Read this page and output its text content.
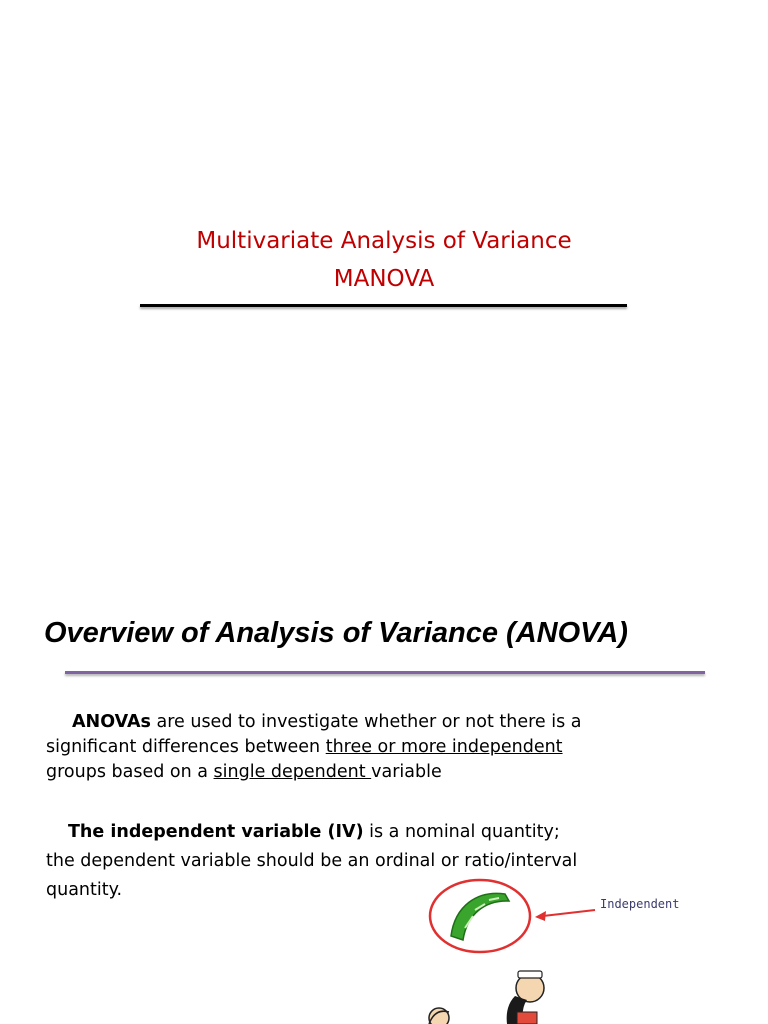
Multivariate Analysis of Variance
MANOVA
Overview of Analysis of Variance (ANOVA)
ANOVAs are used to investigate whether or not there is a
significant differences between three or more independent
groups based on a single dependent variable
The independent variable (IV) is a nominal quantity;
the dependent variable should be an ordinal or ratio/interval
quantity.
Independent
